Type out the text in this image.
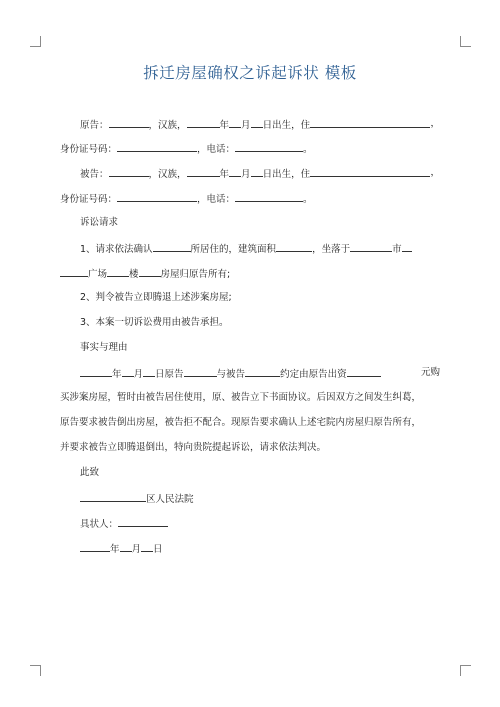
拆迁房屋确权之诉起诉状 模板
原告：	，汉族，	年 月 日出生，住	，
身份证号码：	，电话：	。
被告：	，汉族，	年 月 日出生，住	，
身份证号码：	，电话：	。
诉讼请求
1、请求依法确认	所居住的，建筑面积	，坐落于	市
广场 楼 房屋归原告所有;
2、判令被告立即腾退上述涉案房屋;
3、本案一切诉讼费用由被告承担。
事实与理由
年 月 日原告	与被告	约定由原告出资	元购
买涉案房屋，暂时由被告居住使用，原、被告立下书面协议。后因双方之间发生纠葛，
原告要求被告倒出房屋，被告拒不配合。现原告要求确认上述宅院内房屋归原告所有，
并要求被告立即腾退倒出，特向贵院提起诉讼，请求依法判决。
此致
区人民法院
具状人：
年 月 日
